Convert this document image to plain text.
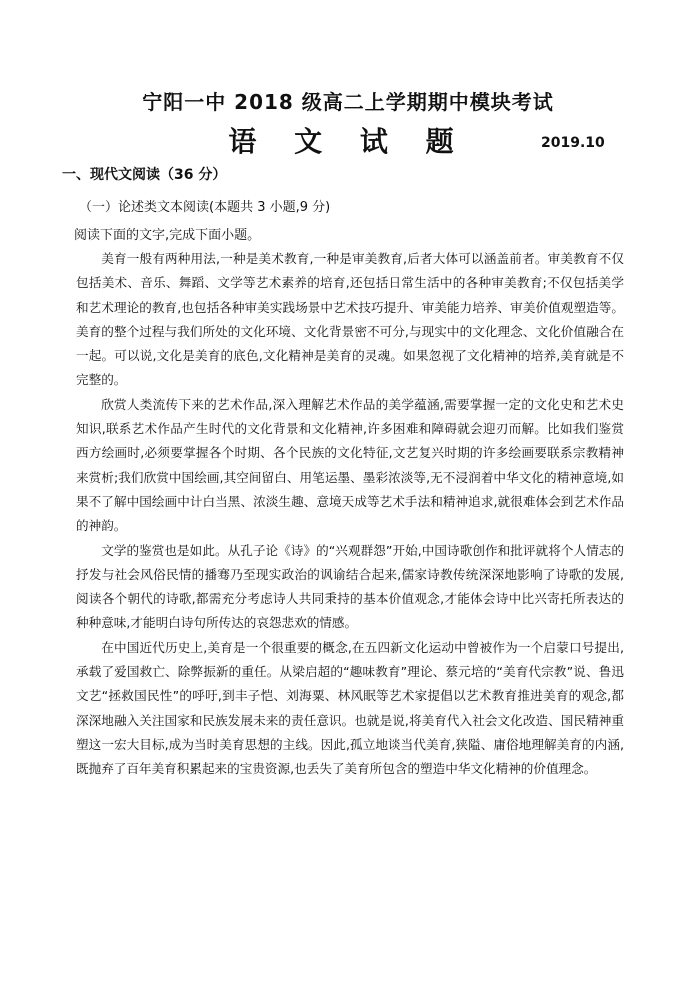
宁阳一中 2018 级高二上学期期中模块考试
语 文 试 题	2019.10
一、现代文阅读（36 分）
（一）论述类文本阅读(本题共 3 小题,9 分)
阅读下面的文字,完成下面小题。

美育一般有两种用法,一种是美术教育,一种是审美教育,后者大体可以涵盖前者。审美教育不仅包括美术、音乐、舞蹈、文学等艺术素养的培育,还包括日常生活中的各种审美教育;不仅包括美学和艺术理论的教育,也包括各种审美实践场景中艺术技巧提升、审美能力培养、审美价值观塑造等。美育的整个过程与我们所处的文化环境、文化背景密不可分,与现实中的文化理念、文化价值融合在一起。可以说,文化是美育的底色,文化精神是美育的灵魂。如果忽视了文化精神的培养,美育就是不完整的。

欣赏人类流传下来的艺术作品,深入理解艺术作品的美学蕴涵,需要掌握一定的文化史和艺术史知识,联系艺术作品产生时代的文化背景和文化精神,许多困难和障碍就会迎刃而解。比如我们鉴赏西方绘画时,必须要掌握各个时期、各个民族的文化特征,文艺复兴时期的许多绘画要联系宗教精神来赏析;我们欣赏中国绘画,其空间留白、用笔运墨、墨彩浓淡等,无不浸润着中华文化的精神意境,如果不了解中国绘画中计白当黑、浓淡生趣、意境天成等艺术手法和精神追求,就很难体会到艺术作品的神韵。

文学的鉴赏也是如此。从孔子论《诗》的“兴观群怨”开始,中国诗歌创作和批评就将个人情志的抒发与社会风俗民情的播骞乃至现实政治的讽谕结合起来,儒家诗教传统深深地影响了诗歌的发展,阅读各个朝代的诗歌,都需充分考虑诗人共同秉持的基本价值观念,才能体会诗中比兴寄托所表达的种种意味,才能明白诗句所传达的哀怨悲欢的情感。

在中国近代历史上,美育是一个很重要的概念,在五四新文化运动中曾被作为一个启蒙口号提出,承载了爱国救亡、除弊振新的重任。从梁启超的“趣味教育”理论、蔡元培的“美育代宗教”说、鲁迅文艺“拯救国民性”的呼吁,到丰子恺、刘海粟、林风眠等艺术家提倡以艺术教育推进美育的观念,都深深地融入关注国家和民族发展未来的责任意识。也就是说,将美育代入社会文化改造、国民精神重塑这一宏大目标,成为当时美育思想的主线。因此,孤立地谈当代美育,狭隘、庸俗地理解美育的内涵,既抛弃了百年美育积累起来的宝贵资源,也丢失了美育所包含的塑造中华文化精神的价值理念。
